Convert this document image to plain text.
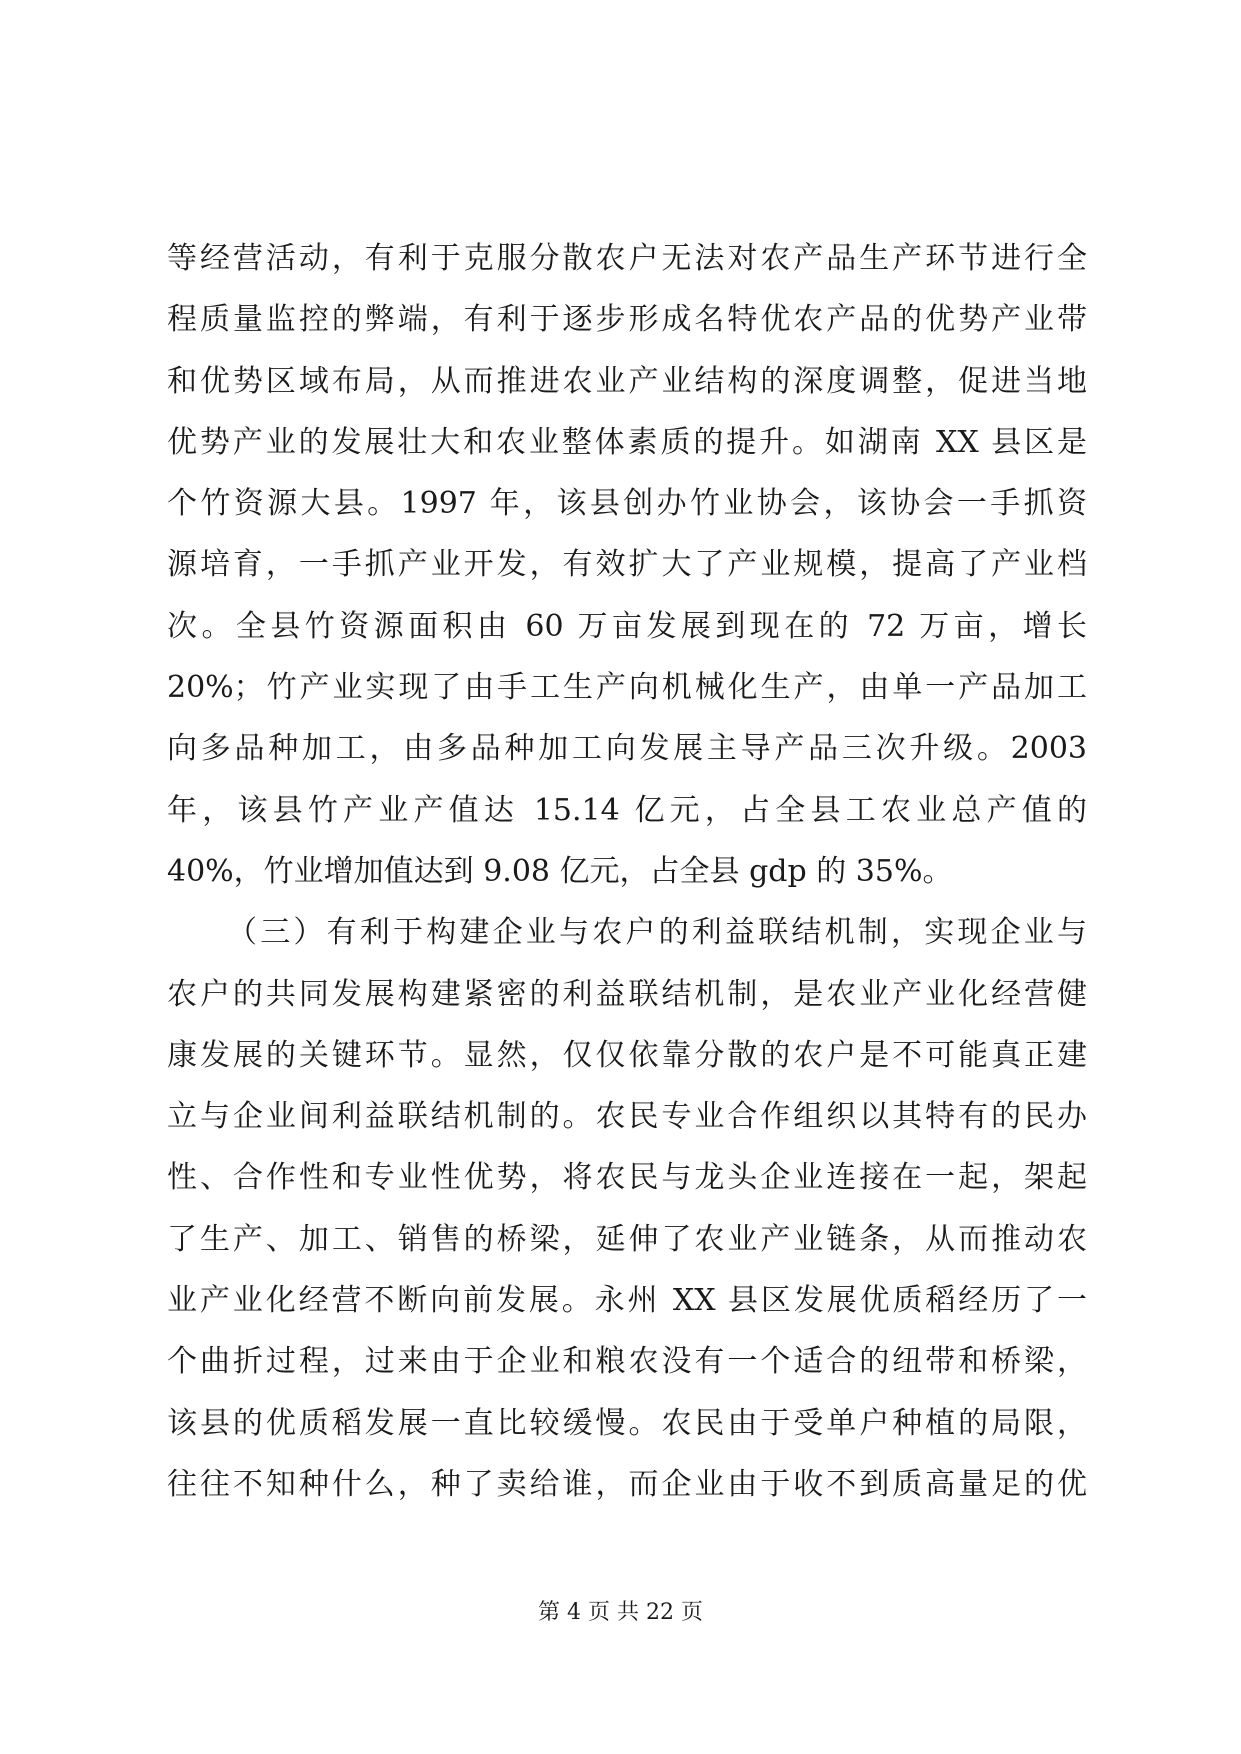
等经营活动，有利于克服分散农户无法对农产品生产环节进行全
程质量监控的弊端，有利于逐步形成名特优农产品的优势产业带
和优势区域布局，从而推进农业产业结构的深度调整，促进当地
优势产业的发展壮大和农业整体素质的提升。如湖南 XX 县区是
个竹资源大县。1997 年，该县创办竹业协会，该协会一手抓资
源培育，一手抓产业开发，有效扩大了产业规模，提高了产业档
次。全县竹资源面积由 60 万亩发展到现在的 72 万亩，增长
20%；竹产业实现了由手工生产向机械化生产，由单一产品加工
向多品种加工，由多品种加工向发展主导产品三次升级。2003
年，该县竹产业产值达 15.14 亿元，占全县工农业总产值的
40%，竹业增加值达到 9.08 亿元，占全县 gdp 的 35%。
（三）有利于构建企业与农户的利益联结机制，实现企业与
农户的共同发展构建紧密的利益联结机制，是农业产业化经营健
康发展的关键环节。显然，仅仅依靠分散的农户是不可能真正建
立与企业间利益联结机制的。农民专业合作组织以其特有的民办
性、合作性和专业性优势，将农民与龙头企业连接在一起，架起
了生产、加工、销售的桥梁，延伸了农业产业链条，从而推动农
业产业化经营不断向前发展。永州 XX 县区发展优质稻经历了一
个曲折过程，过来由于企业和粮农没有一个适合的纽带和桥梁，
该县的优质稻发展一直比较缓慢。农民由于受单户种植的局限，
往往不知种什么，种了卖给谁，而企业由于收不到质高量足的优
第 4 页 共 22 页
